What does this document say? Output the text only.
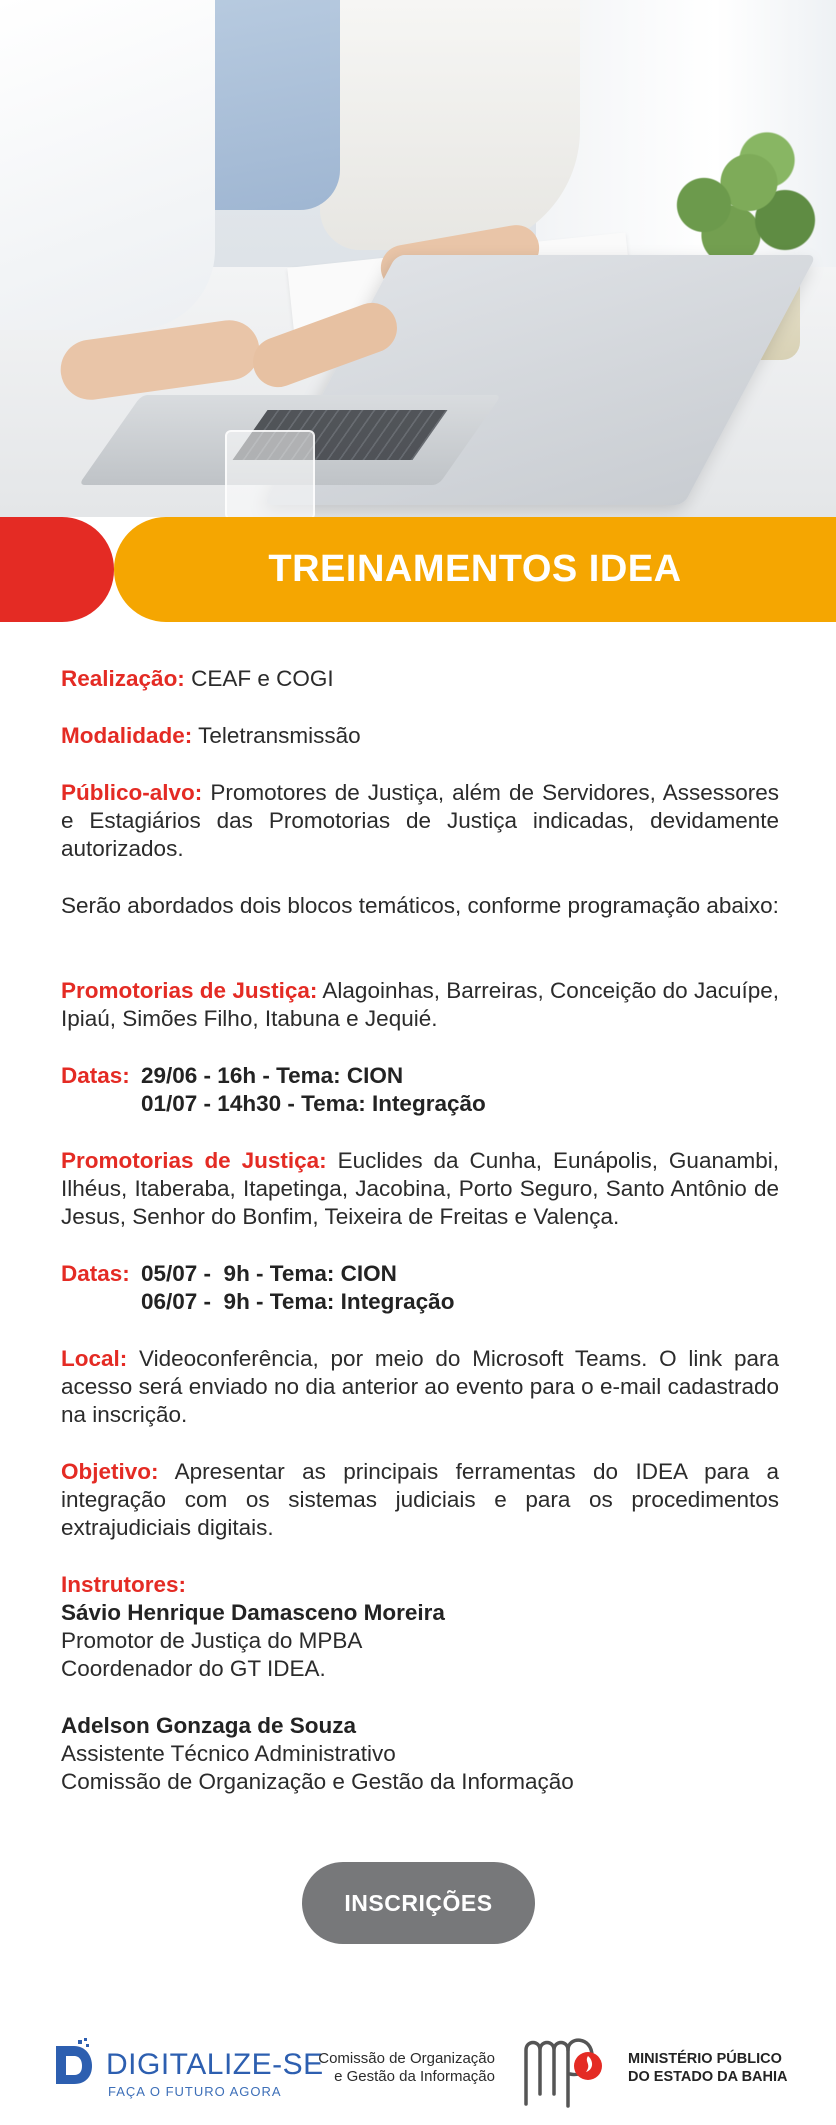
TREINAMENTOS IDEA
Realização: CEAF e COGI
Modalidade: Teletransmissão
Público-alvo: Promotores de Justiça, além de Servidores, Assessores e Estagiários das Promotorias de Justiça indicadas, devidamente autorizados.
Serão abordados dois blocos temáticos, conforme programação abaixo:
Promotorias de Justiça: Alagoinhas, Barreiras, Conceição do Jacuípe, Ipiaú, Simões Filho, Itabuna e Jequié.
Datas: 29/06 - 16h - Tema: CION
01/07 - 14h30 - Tema: Integração
Promotorias de Justiça: Euclides da Cunha, Eunápolis, Guanambi, Ilhéus, Itaberaba, Itapetinga, Jacobina, Porto Seguro, Santo Antônio de Jesus, Senhor do Bonfim, Teixeira de Freitas e Valença.
Datas: 05/07 -  9h - Tema: CION
06/07 -  9h - Tema: Integração
Local: Videoconferência, por meio do Microsoft Teams. O link para acesso será enviado no dia anterior ao evento para o e-mail cadastrado na inscrição.
Objetivo: Apresentar as principais ferramentas do IDEA para a integração com os sistemas judiciais e para os procedimentos extrajudiciais digitais.
Instrutores:
Sávio Henrique Damasceno Moreira
Promotor de Justiça do MPBA
Coordenador do GT IDEA.
Adelson Gonzaga de Souza
Assistente Técnico Administrativo
Comissão de Organização e Gestão da Informação
INSCRIÇÕES
DIGITALIZE-SE
FAÇA O FUTURO AGORA
Comissão de Organização
e Gestão da Informação
MINISTÉRIO PÚBLICO
DO ESTADO DA BAHIA
